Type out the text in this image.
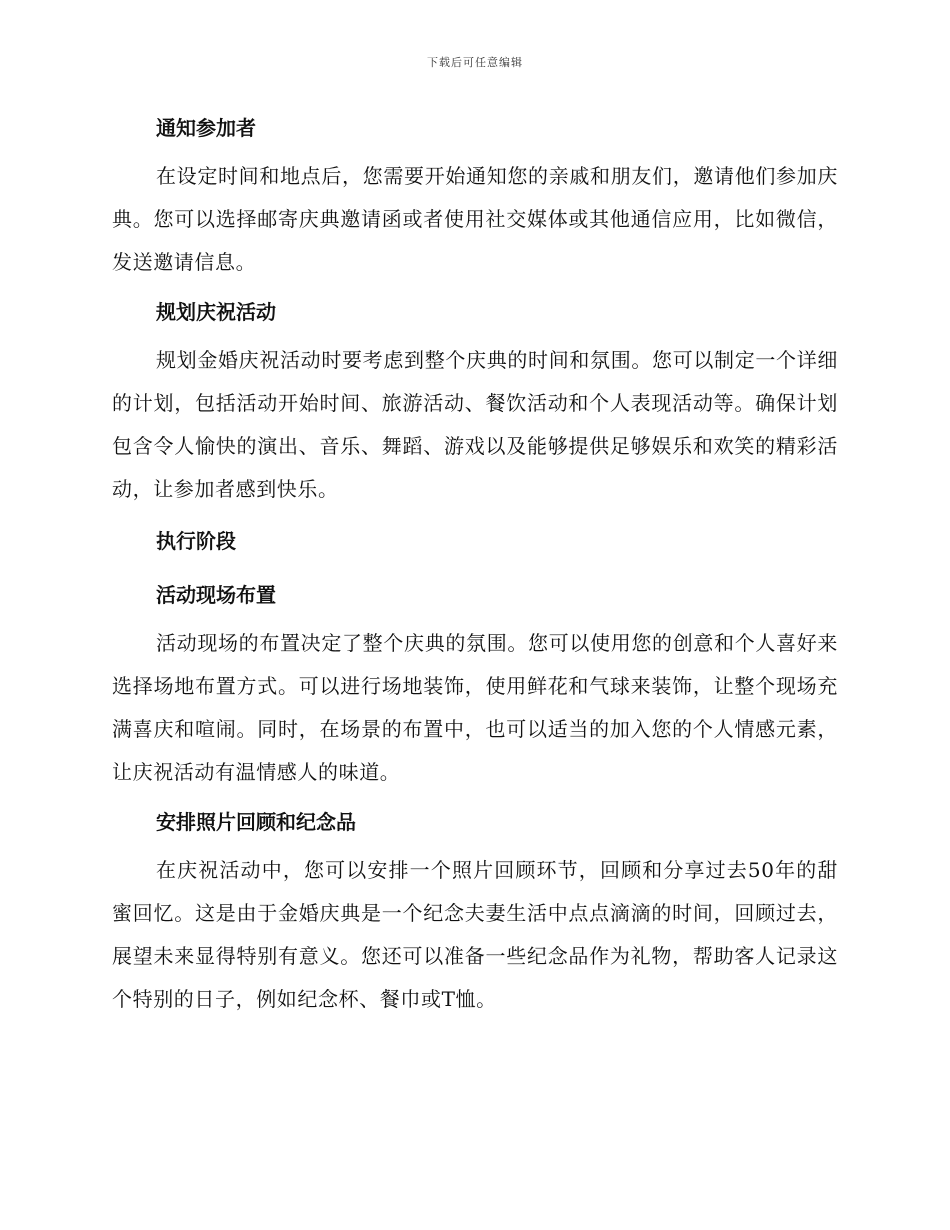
下载后可任意编辑
通知参加者

在设定时间和地点后，您需要开始通知您的亲戚和朋友们，邀请他们参加庆典。您可以选择邮寄庆典邀请函或者使用社交媒体或其他通信应用，比如微信，发送邀请信息。

规划庆祝活动

规划金婚庆祝活动时要考虑到整个庆典的时间和氛围。您可以制定一个详细的计划，包括活动开始时间、旅游活动、餐饮活动和个人表现活动等。确保计划包含令人愉快的演出、音乐、舞蹈、游戏以及能够提供足够娱乐和欢笑的精彩活动，让参加者感到快乐。

执行阶段
活动现场布置

活动现场的布置决定了整个庆典的氛围。您可以使用您的创意和个人喜好来选择场地布置方式。可以进行场地装饰，使用鲜花和气球来装饰，让整个现场充满喜庆和喧闹。同时，在场景的布置中，也可以适当的加入您的个人情感元素，让庆祝活动有温情感人的味道。

安排照片回顾和纪念品

在庆祝活动中，您可以安排一个照片回顾环节，回顾和分享过去50年的甜蜜回忆。这是由于金婚庆典是一个纪念夫妻生活中点点滴滴的时间，回顾过去，展望未来显得特别有意义。您还可以准备一些纪念品作为礼物，帮助客人记录这个特别的日子，例如纪念杯、餐巾或T恤。
